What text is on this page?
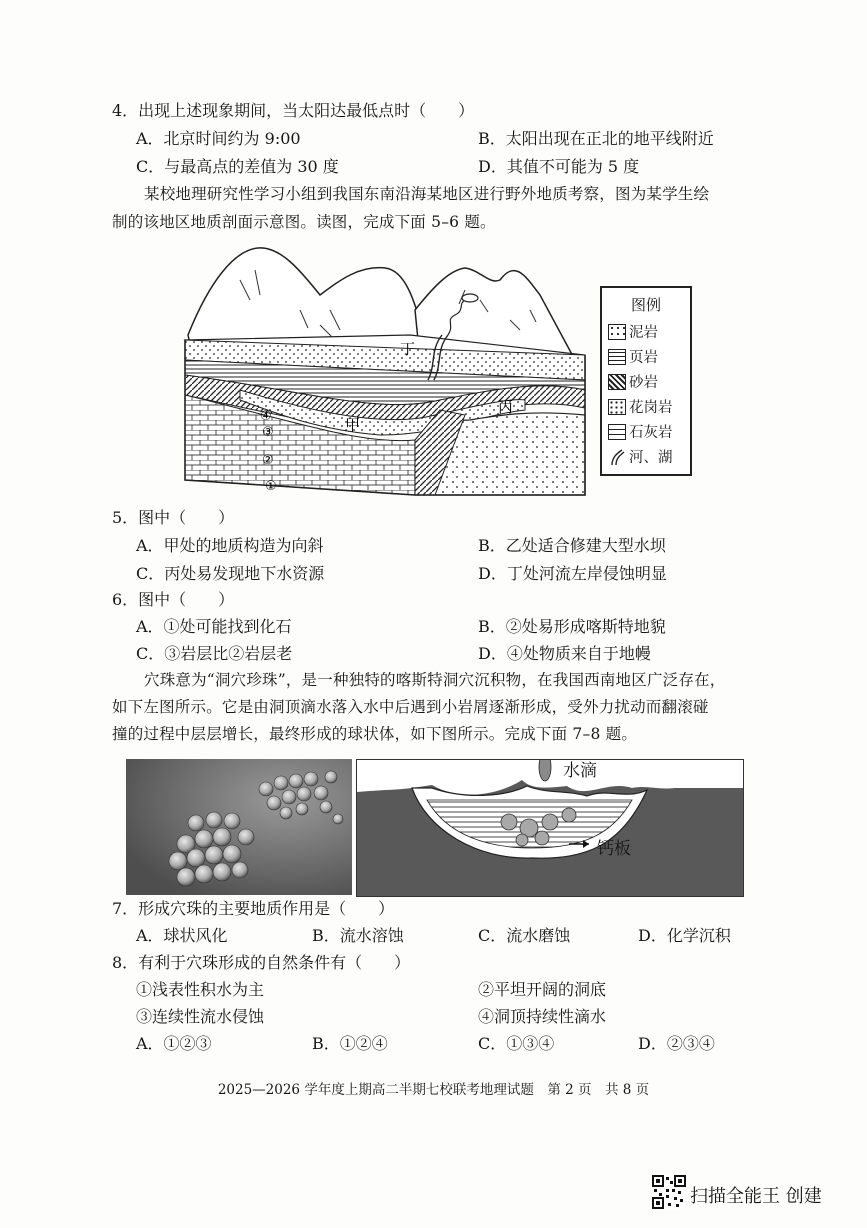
4．出现上述现象期间，当太阳达最低点时（　　）
A．北京时间约为 9:00	B．太阳出现在正北的地平线附近
C．与最高点的差值为 30 度	D．其值不可能为 5 度
某校地理研究性学习小组到我国东南沿海某地区进行野外地质考察，图为某学生绘
制的该地区地质剖面示意图。读图，完成下面 5–6 题。
甲
丙
丁
④
③
②
①
图例
泥岩
页岩
砂岩
花岗岩
石灰岩
河、湖
5．图中（　　）
A．甲处的地质构造为向斜	B．乙处适合修建大型水坝
C．丙处易发现地下水资源	D．丁处河流左岸侵蚀明显
6．图中（　　）
A．①处可能找到化石	B．②处易形成喀斯特地貌
C．③岩层比②岩层老	D．④处物质来自于地幔
穴珠意为“洞穴珍珠”，是一种独特的喀斯特洞穴沉积物，在我国西南地区广泛存在，
如下左图所示。它是由洞顶滴水落入水中后遇到小岩屑逐渐形成，受外力扰动而翻滚碰
撞的过程中层层增长，最终形成的球状体，如下图所示。完成下面 7–8 题。
水滴
钙板
7．形成穴珠的主要地质作用是（　　）
A．球状风化	B．流水溶蚀	C．流水磨蚀	D．化学沉积
8．有利于穴珠形成的自然条件有（　　）
①浅表性积水为主	②平坦开阔的洞底
③连续性流水侵蚀	④洞顶持续性滴水
A．①②③	B．①②④	C．①③④	D．②③④
2025—2026 学年度上期高二半期七校联考地理试题　第 2 页　共 8 页
扫描全能王 创建
